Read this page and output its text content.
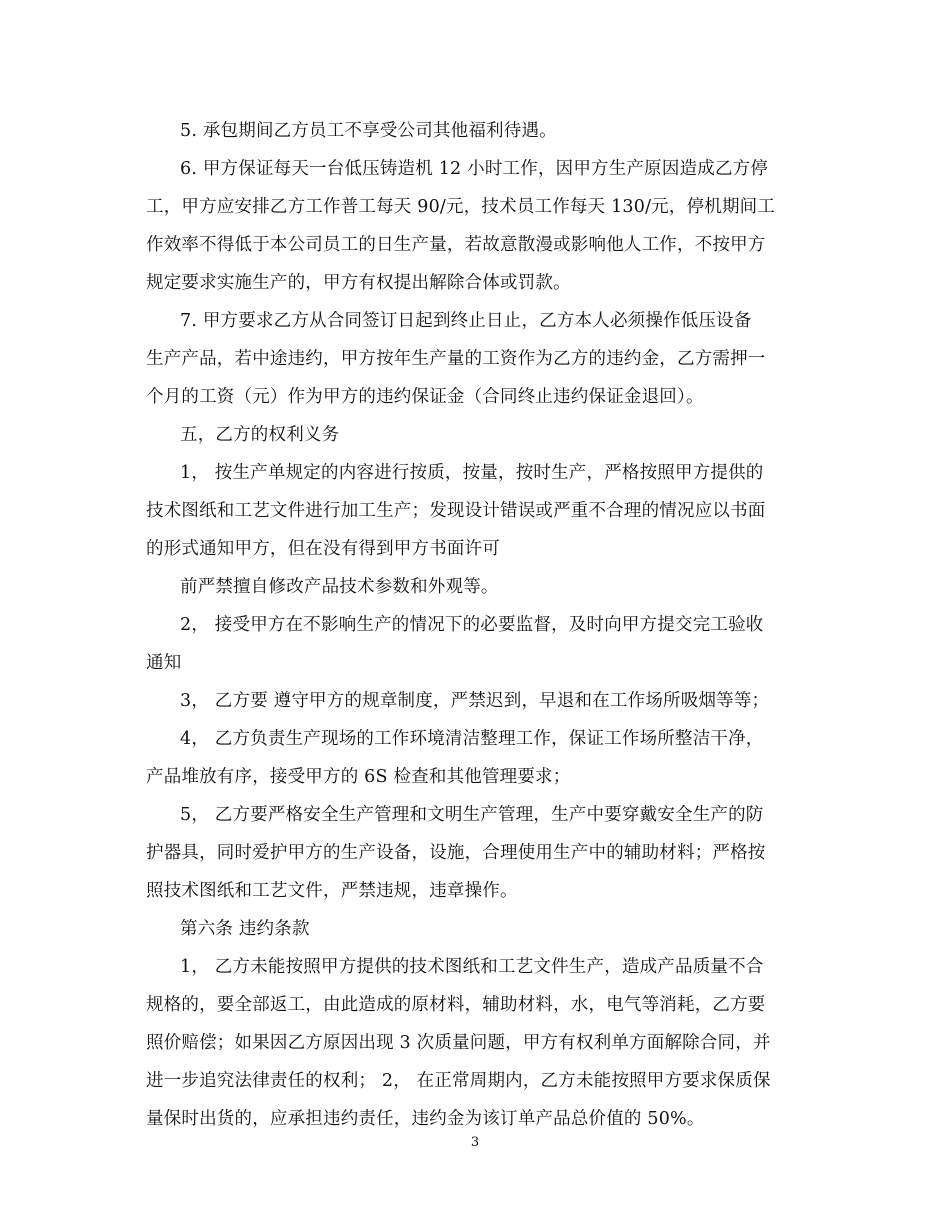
5. 承包期间乙方员工不享受公司其他福利待遇。
6. 甲方保证每天一台低压铸造机 12 小时工作，因甲方生产原因造成乙方停
工，甲方应安排乙方工作普工每天 90/元，技术员工作每天 130/元，停机期间工
作效率不得低于本公司员工的日生产量，若故意散漫或影响他人工作，不按甲方
规定要求实施生产的，甲方有权提出解除合体或罚款。
7. 甲方要求乙方从合同签订日起到终止日止，乙方本人必须操作低压设备
生产产品，若中途违约，甲方按年生产量的工资作为乙方的违约金，乙方需押一
个月的工资（元）作为甲方的违约保证金（合同终止违约保证金退回）。
五，乙方的权利义务
1， 按生产单规定的内容进行按质，按量，按时生产，严格按照甲方提供的
技术图纸和工艺文件进行加工生产；发现设计错误或严重不合理的情况应以书面
的形式通知甲方，但在没有得到甲方书面许可
前严禁擅自修改产品技术参数和外观等。
2， 接受甲方在不影响生产的情况下的必要监督，及时向甲方提交完工验收
通知
3， 乙方要 遵守甲方的规章制度，严禁迟到，早退和在工作场所吸烟等等；
4， 乙方负责生产现场的工作环境清洁整理工作，保证工作场所整洁干净，
产品堆放有序，接受甲方的 6S 检查和其他管理要求；
5， 乙方要严格安全生产管理和文明生产管理，生产中要穿戴安全生产的防
护器具，同时爱护甲方的生产设备，设施，合理使用生产中的辅助材料；严格按
照技术图纸和工艺文件，严禁违规，违章操作。
第六条 违约条款
1， 乙方未能按照甲方提供的技术图纸和工艺文件生产，造成产品质量不合
规格的，要全部返工，由此造成的原材料，辅助材料，水，电气等消耗，乙方要
照价赔偿；如果因乙方原因出现 3 次质量问题，甲方有权利单方面解除合同，并
进一步追究法律责任的权利； 2， 在正常周期内，乙方未能按照甲方要求保质保
量保时出货的，应承担违约责任，违约金为该订单产品总价值的 50%。
3
